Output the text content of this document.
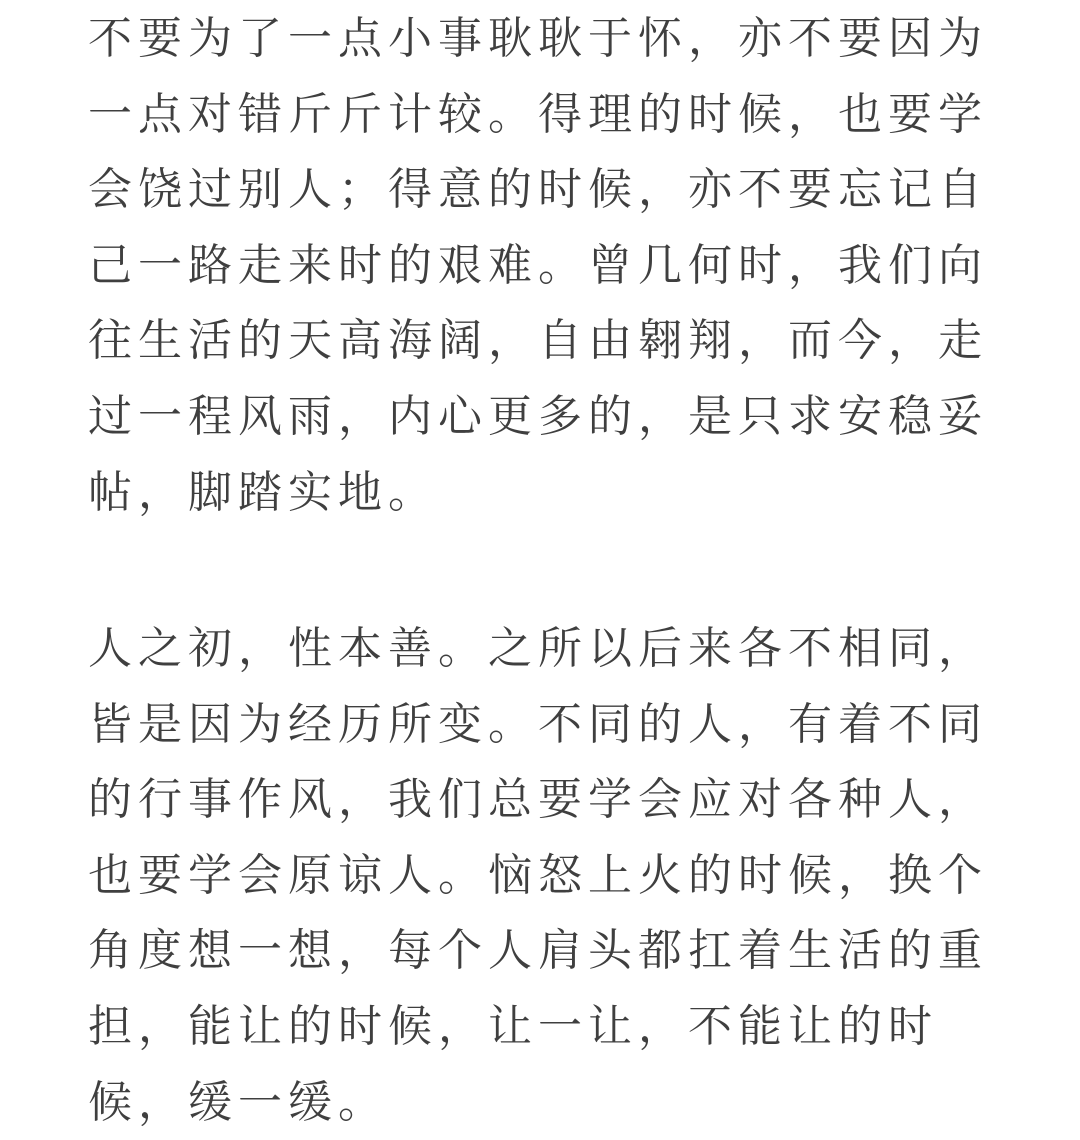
不要为了一点小事耿耿于怀，亦不要因为
一点对错斤斤计较。得理的时候，也要学
会饶过别人；得意的时候，亦不要忘记自
己一路走来时的艰难。曾几何时，我们向
往生活的天高海阔，自由翱翔，而今，走
过一程风雨，内心更多的，是只求安稳妥
帖，脚踏实地。
人之初，性本善。之所以后来各不相同，
皆是因为经历所变。不同的人，有着不同
的行事作风，我们总要学会应对各种人，
也要学会原谅人。恼怒上火的时候，换个
角度想一想，每个人肩头都扛着生活的重
担，能让的时候，让一让，不能让的时
候，缓一缓。
